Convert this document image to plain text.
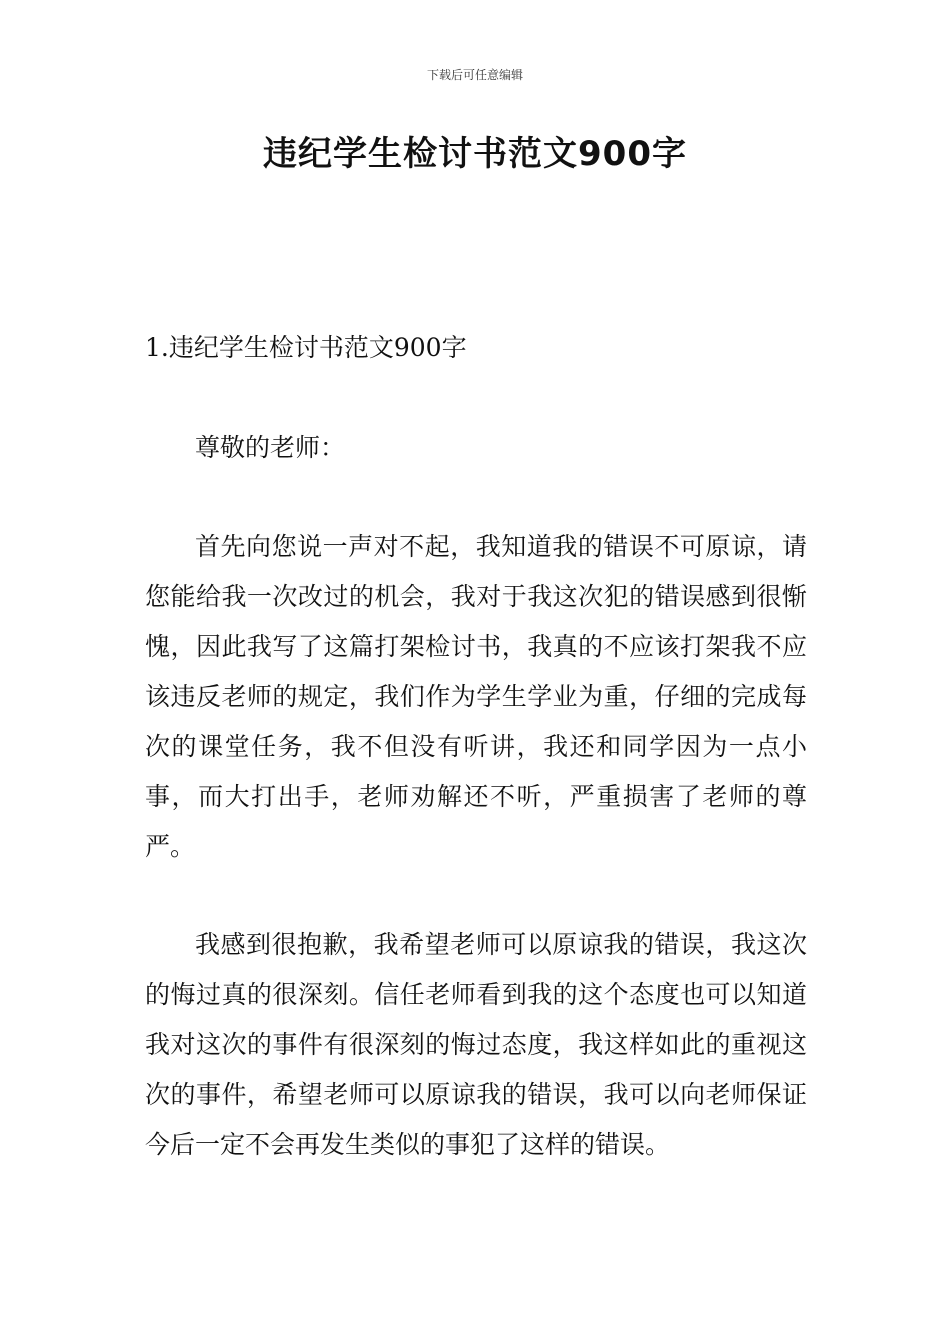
下载后可任意编辑
违纪学生检讨书范文900字

1.违纪学生检讨书范文900字

尊敬的老师：

首先向您说一声对不起，我知道我的错误不可原谅，请您能给我一次改过的机会，我对于我这次犯的错误感到很惭愧，因此我写了这篇打架检讨书，我真的不应该打架我不应该违反老师的规定，我们作为学生学业为重，仔细的完成每次的课堂任务，我不但没有听讲，我还和同学因为一点小事，而大打出手，老师劝解还不听，严重损害了老师的尊严。

我感到很抱歉，我希望老师可以原谅我的错误，我这次的悔过真的很深刻。信任老师看到我的这个态度也可以知道我对这次的事件有很深刻的悔过态度，我这样如此的重视这次的事件，希望老师可以原谅我的错误，我可以向老师保证今后一定不会再发生类似的事犯了这样的错误。
